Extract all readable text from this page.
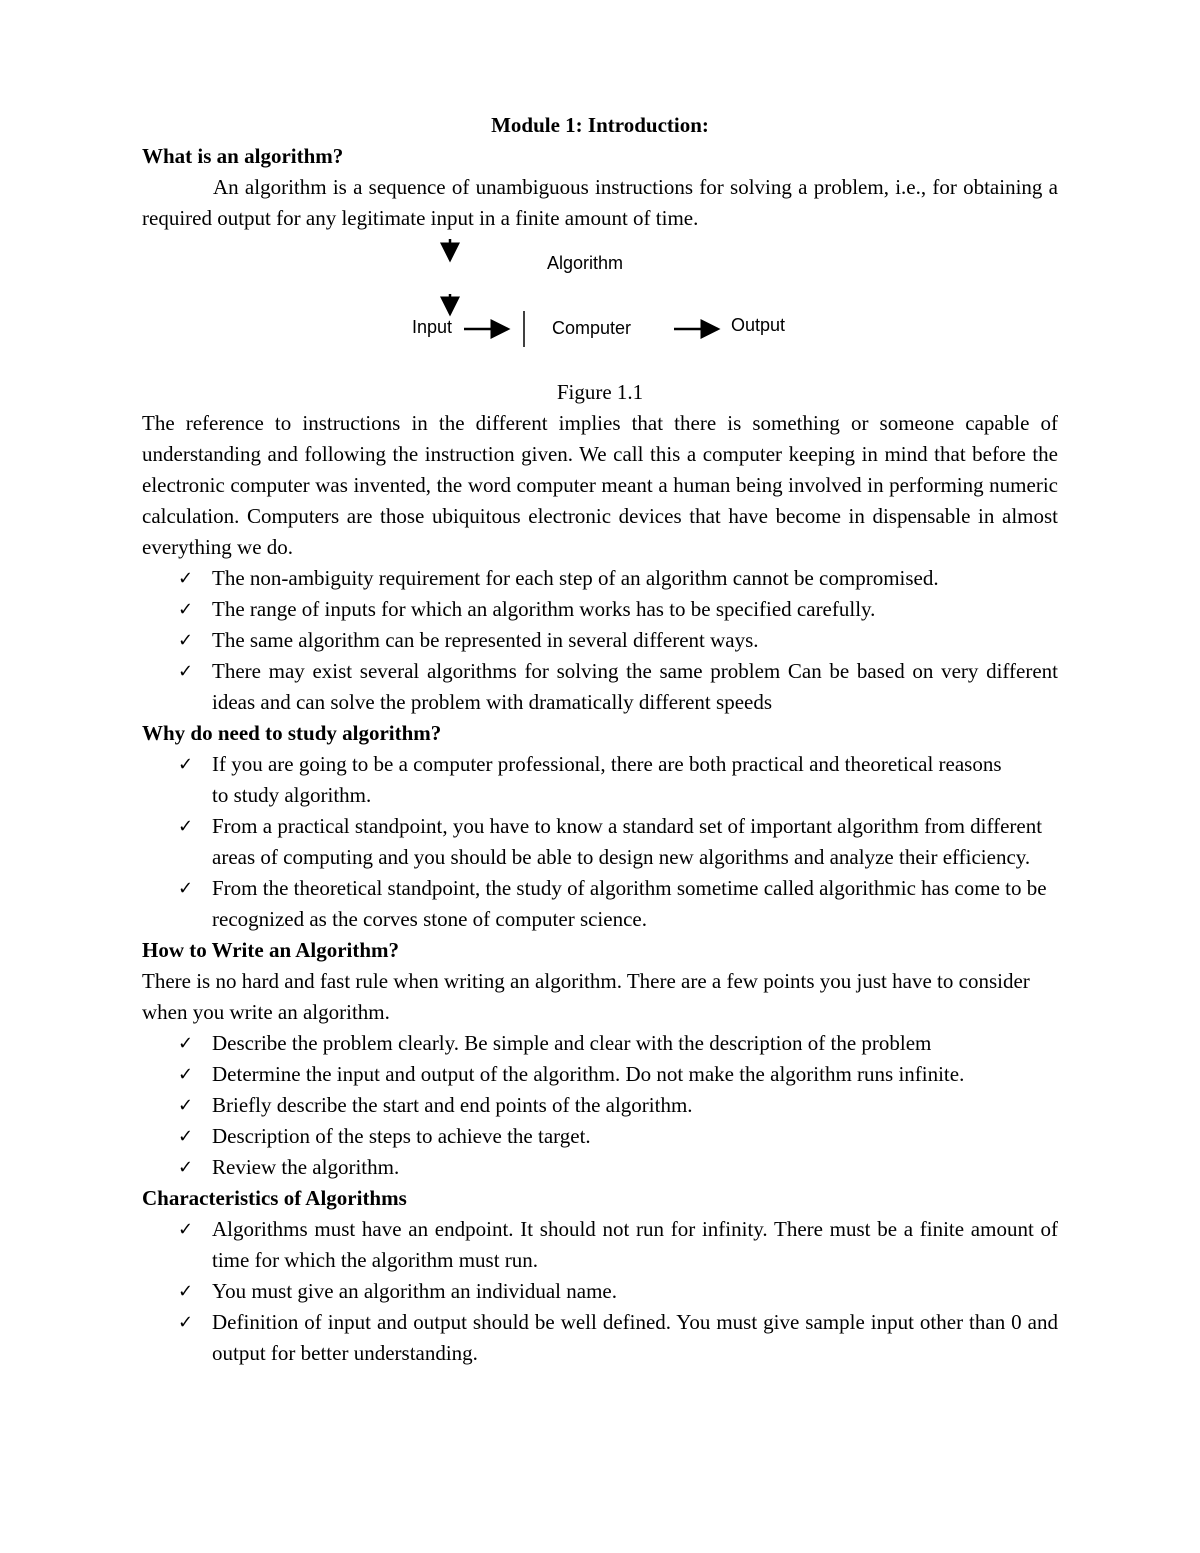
Module 1: Introduction:

What is an algorithm?

An algorithm is a sequence of unambiguous instructions for solving a problem, i.e., for obtaining a required output for any legitimate input in a finite amount of time.

Algorithm
Input	Computer	Output

Figure 1.1

The reference to instructions in the different implies that there is something or someone capable of understanding and following the instruction given. We call this a computer keeping in mind that before the electronic computer was invented, the word computer meant a human being involved in performing numeric calculation. Computers are those ubiquitous electronic devices that have become in dispensable in almost everything we do.

✓ The non-ambiguity requirement for each step of an algorithm cannot be compromised.
✓ The range of inputs for which an algorithm works has to be specified carefully.
✓ The same algorithm can be represented in several different ways.
✓ There may exist several algorithms for solving the same problem Can be based on very different ideas and can solve the problem with dramatically different speeds
Why do need to study algorithm?
✓ If you are going to be a computer professional, there are both practical and theoretical reasons to study algorithm.
✓ From a practical standpoint, you have to know a standard set of important algorithm from different areas of computing and you should be able to design new algorithms and analyze their efficiency.
✓ From the theoretical standpoint, the study of algorithm sometime called algorithmic has come to be recognized as the corves stone of computer science.
How to Write an Algorithm?

There is no hard and fast rule when writing an algorithm. There are a few points you just have to consider when you write an algorithm.

✓ Describe the problem clearly. Be simple and clear with the description of the problem
✓ Determine the input and output of the algorithm. Do not make the algorithm runs infinite.
✓ Briefly describe the start and end points of the algorithm.
✓ Description of the steps to achieve the target.
✓ Review the algorithm.
Characteristics of Algorithms
✓ Algorithms must have an endpoint. It should not run for infinity. There must be a finite amount of time for which the algorithm must run.
✓ You must give an algorithm an individual name.
✓ Definition of input and output should be well defined. You must give sample input other than 0 and output for better understanding.
